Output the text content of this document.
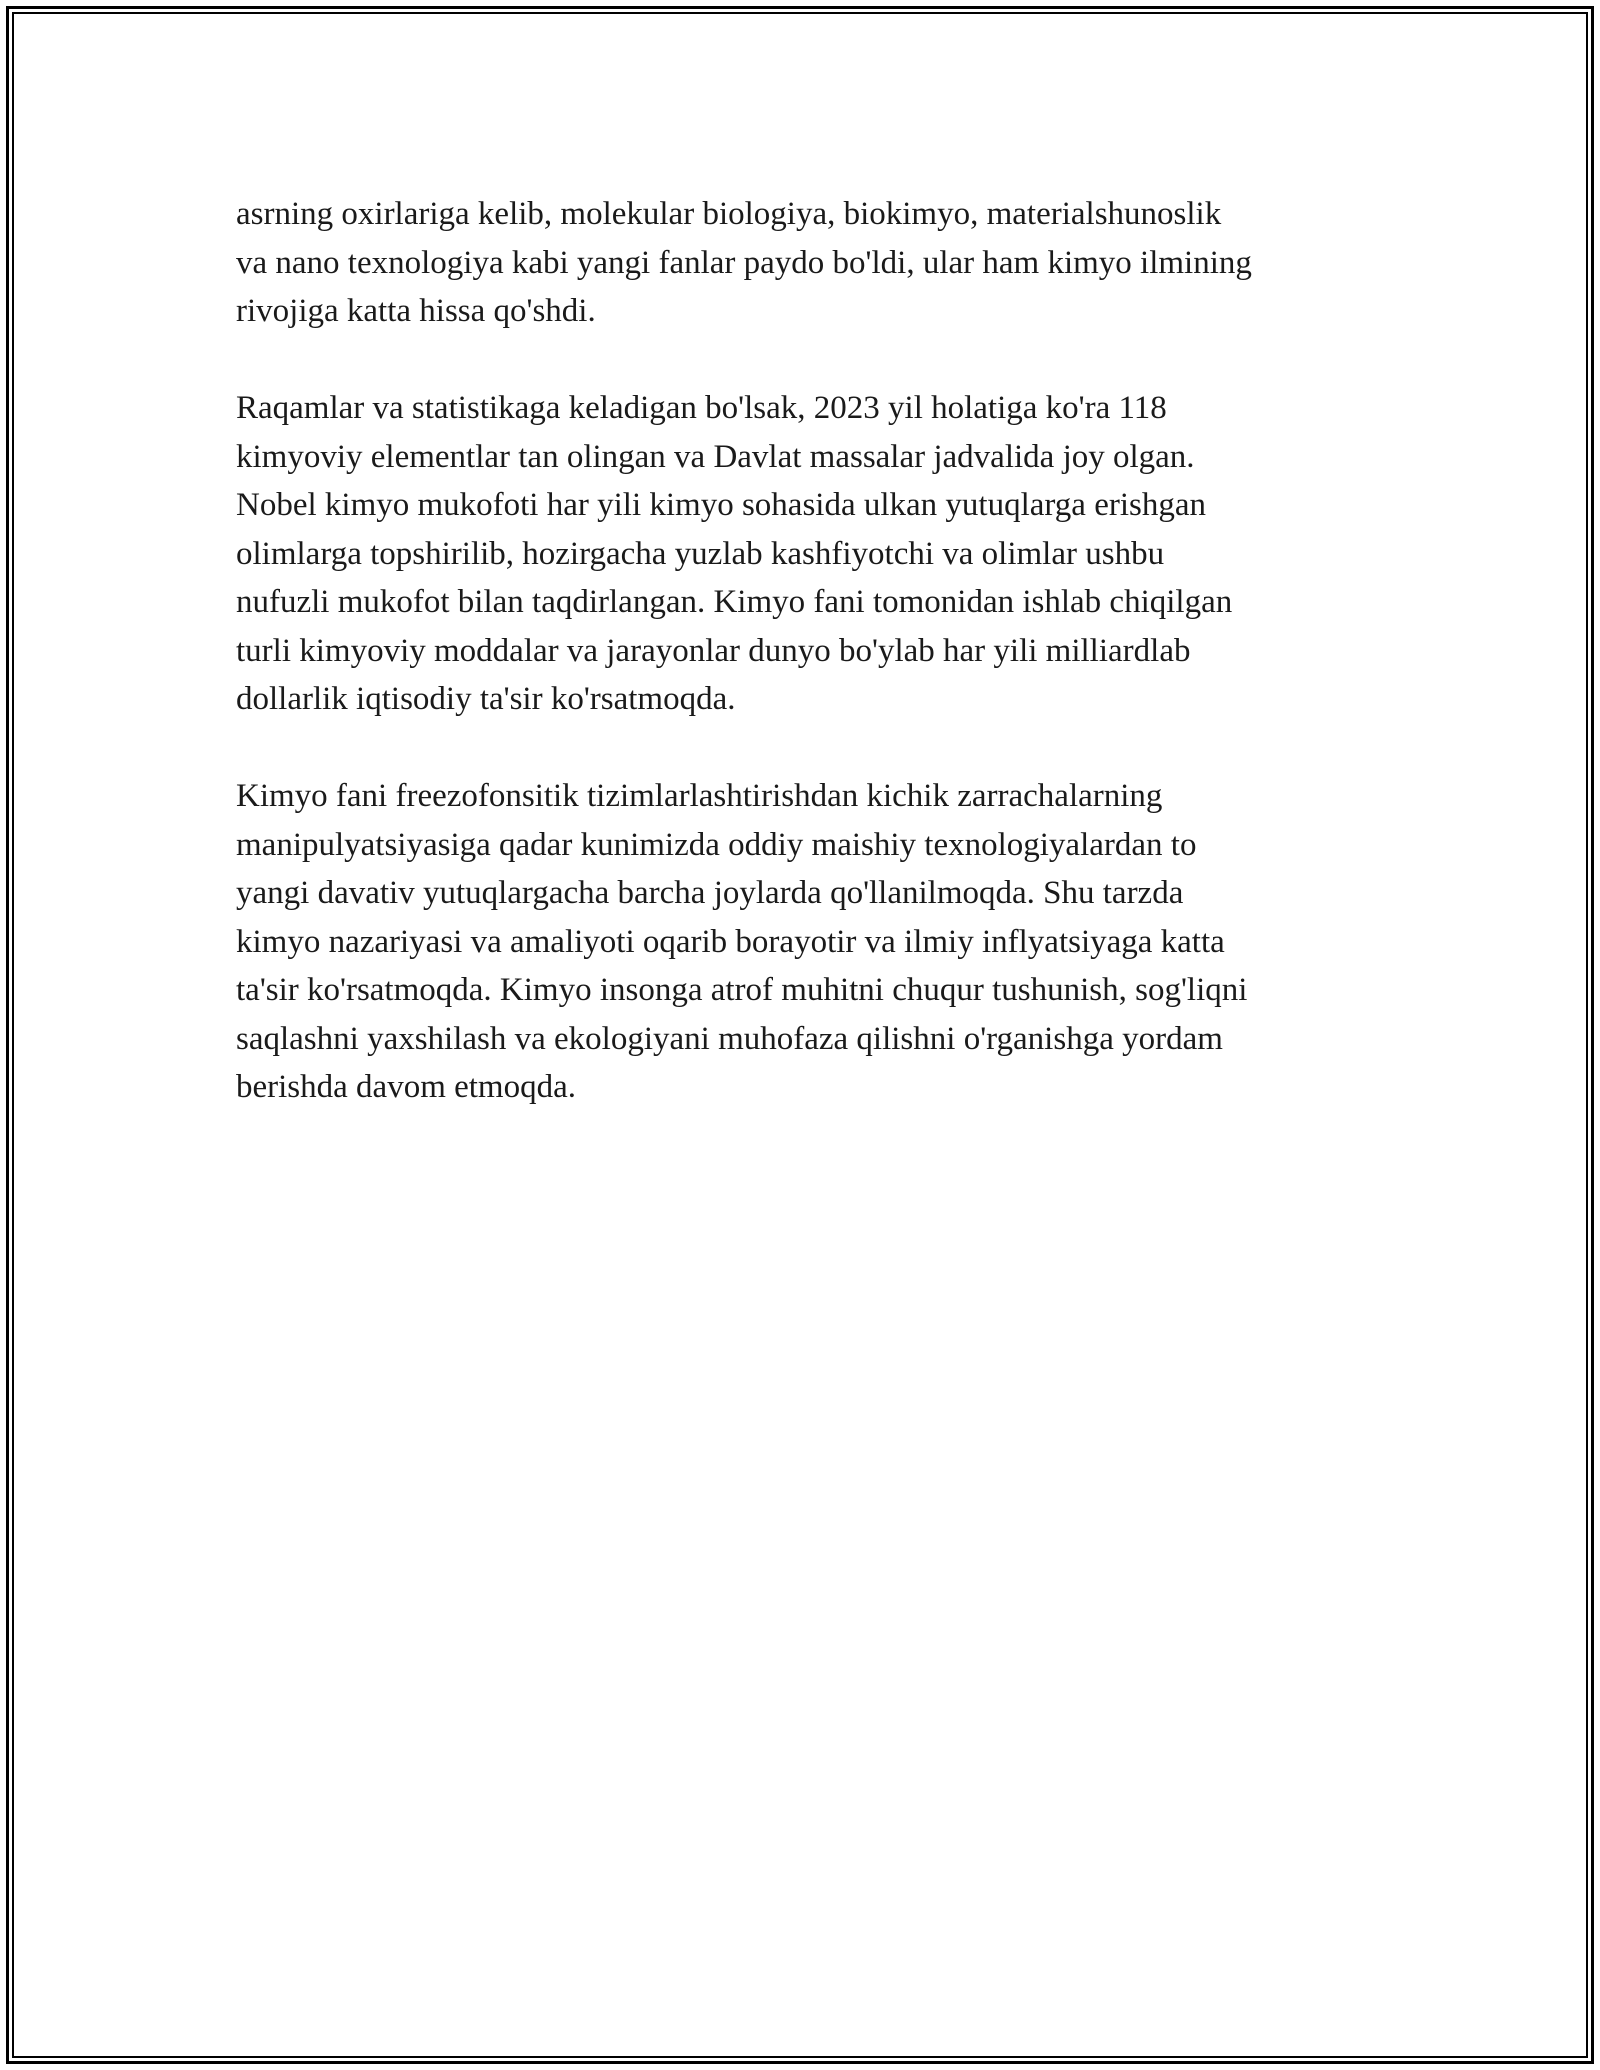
asrning oxirlariga kelib, molekular biologiya, biokimyo, materialshunoslik
va nano texnologiya kabi yangi fanlar paydo bo'ldi, ular ham kimyo ilmining
rivojiga katta hissa qo'shdi.

Raqamlar va statistikaga keladigan bo'lsak, 2023 yil holatiga ko'ra 118
kimyoviy elementlar tan olingan va Davlat massalar jadvalida joy olgan.
Nobel kimyo mukofoti har yili kimyo sohasida ulkan yutuqlarga erishgan
olimlarga topshirilib, hozirgacha yuzlab kashfiyotchi va olimlar ushbu
nufuzli mukofot bilan taqdirlangan. Kimyo fani tomonidan ishlab chiqilgan
turli kimyoviy moddalar va jarayonlar dunyo bo'ylab har yili milliardlab
dollarlik iqtisodiy ta'sir ko'rsatmoqda.

Kimyo fani freezofonsitik tizimlarlashtirishdan kichik zarrachalarning
manipulyatsiyasiga qadar kunimizda oddiy maishiy texnologiyalardan to
yangi davativ yutuqlargacha barcha joylarda qo'llanilmoqda. Shu tarzda
kimyo nazariyasi va amaliyoti oqarib borayotir va ilmiy inflyatsiyaga katta
ta'sir ko'rsatmoqda. Kimyo insonga atrof muhitni chuqur tushunish, sog'liqni
saqlashni yaxshilash va ekologiyani muhofaza qilishni o'rganishga yordam
berishda davom etmoqda.
